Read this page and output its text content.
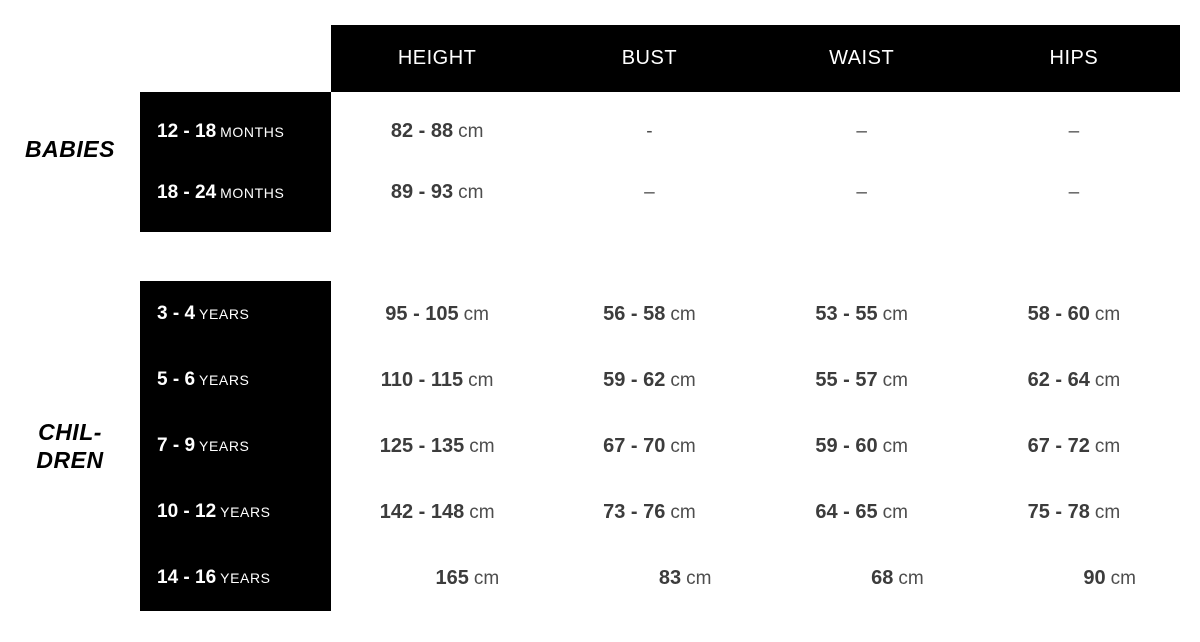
HEIGHT	BUST	WAIST	HIPS
BABIES
12 - 18 MONTHS	82 - 88 cm	-	–	–
18 - 24 MONTHS	89 - 93 cm	–	–	–
CHIL-
DREN
3 - 4 YEARS	95 - 105 cm	56 - 58 cm	53 - 55 cm	58 - 60 cm
5 - 6 YEARS	110 - 115 cm	59 - 62 cm	55 - 57 cm	62 - 64 cm
7 - 9 YEARS	125 - 135 cm	67 - 70 cm	59 - 60 cm	67 - 72 cm
10 - 12 YEARS	142 - 148 cm	73 - 76 cm	64 - 65 cm	75 - 78 cm
14 - 16 YEARS	165 cm	83 cm	68 cm	90 cm
